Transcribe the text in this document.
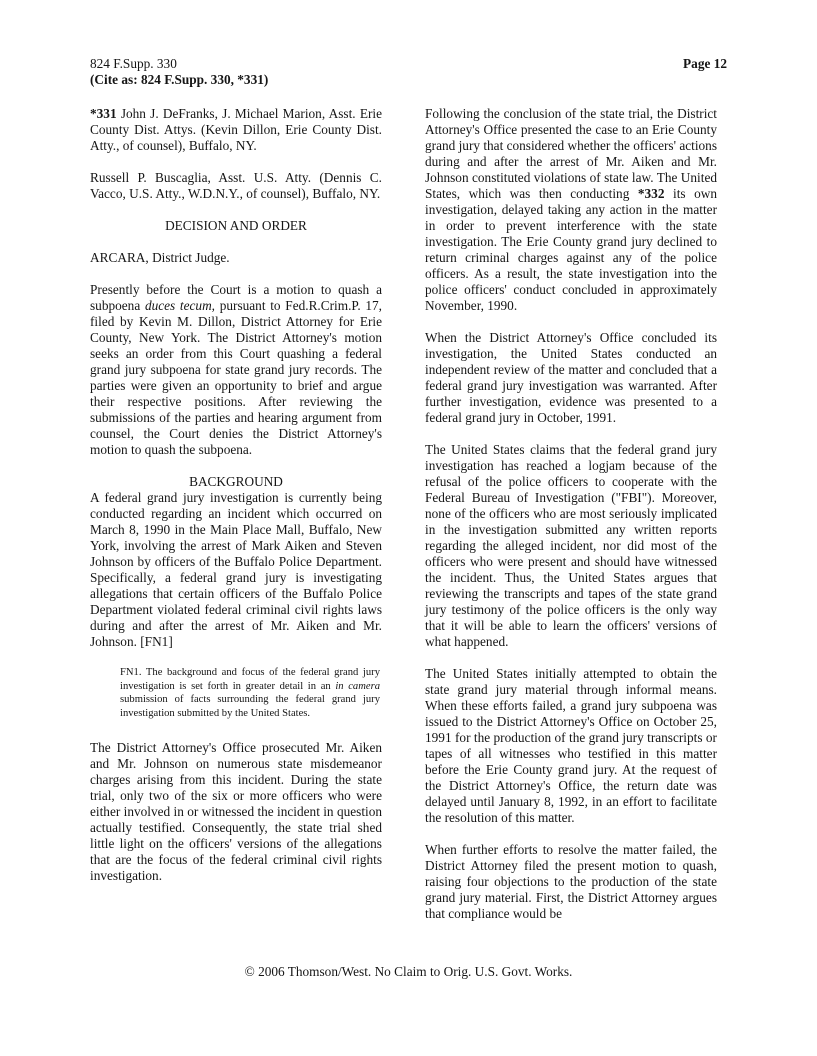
824 F.Supp. 330
(Cite as: 824 F.Supp. 330, *331)
Page 12

*331 John J. DeFranks, J. Michael Marion, Asst. Erie County Dist. Attys. (Kevin Dillon, Erie County Dist. Atty., of counsel), Buffalo, NY.

Russell P. Buscaglia, Asst. U.S. Atty. (Dennis C. Vacco, U.S. Atty., W.D.N.Y., of counsel), Buffalo, NY.

DECISION AND ORDER

ARCARA, District Judge.

Presently before the Court is a motion to quash a subpoena duces tecum, pursuant to Fed.R.Crim.P. 17, filed by Kevin M. Dillon, District Attorney for Erie County, New York. The District Attorney's motion seeks an order from this Court quashing a federal grand jury subpoena for state grand jury records. The parties were given an opportunity to brief and argue their respective positions. After reviewing the submissions of the parties and hearing argument from counsel, the Court denies the District Attorney's motion to quash the subpoena.

BACKGROUND

A federal grand jury investigation is currently being conducted regarding an incident which occurred on March 8, 1990 in the Main Place Mall, Buffalo, New York, involving the arrest of Mark Aiken and Steven Johnson by officers of the Buffalo Police Department. Specifically, a federal grand jury is investigating allegations that certain officers of the Buffalo Police Department violated federal criminal civil rights laws during and after the arrest of Mr. Aiken and Mr. Johnson. [FN1]

FN1. The background and focus of the federal grand jury investigation is set forth in greater detail in an in camera submission of facts surrounding the federal grand jury investigation submitted by the United States.

The District Attorney's Office prosecuted Mr. Aiken and Mr. Johnson on numerous state misdemeanor charges arising from this incident. During the state trial, only two of the six or more officers who were either involved in or witnessed the incident in question actually testified. Consequently, the state trial shed little light on the officers' versions of the allegations that are the focus of the federal criminal civil rights investigation.

Following the conclusion of the state trial, the District Attorney's Office presented the case to an Erie County grand jury that considered whether the officers' actions during and after the arrest of Mr. Aiken and Mr. Johnson constituted violations of state law. The United States, which was then conducting *332 its own investigation, delayed taking any action in the matter in order to prevent interference with the state investigation. The Erie County grand jury declined to return criminal charges against any of the police officers. As a result, the state investigation into the police officers' conduct concluded in approximately November, 1990.

When the District Attorney's Office concluded its investigation, the United States conducted an independent review of the matter and concluded that a federal grand jury investigation was warranted. After further investigation, evidence was presented to a federal grand jury in October, 1991.

The United States claims that the federal grand jury investigation has reached a logjam because of the refusal of the police officers to cooperate with the Federal Bureau of Investigation ("FBI"). Moreover, none of the officers who are most seriously implicated in the investigation submitted any written reports regarding the alleged incident, nor did most of the officers who were present and should have witnessed the incident. Thus, the United States argues that reviewing the transcripts and tapes of the state grand jury testimony of the police officers is the only way that it will be able to learn the officers' versions of what happened.

The United States initially attempted to obtain the state grand jury material through informal means. When these efforts failed, a grand jury subpoena was issued to the District Attorney's Office on October 25, 1991 for the production of the grand jury transcripts or tapes of all witnesses who testified in this matter before the Erie County grand jury. At the request of the District Attorney's Office, the return date was delayed until January 8, 1992, in an effort to facilitate the resolution of this matter.

When further efforts to resolve the matter failed, the District Attorney filed the present motion to quash, raising four objections to the production of the state grand jury material. First, the District Attorney argues that compliance would be

© 2006 Thomson/West. No Claim to Orig. U.S. Govt. Works.
